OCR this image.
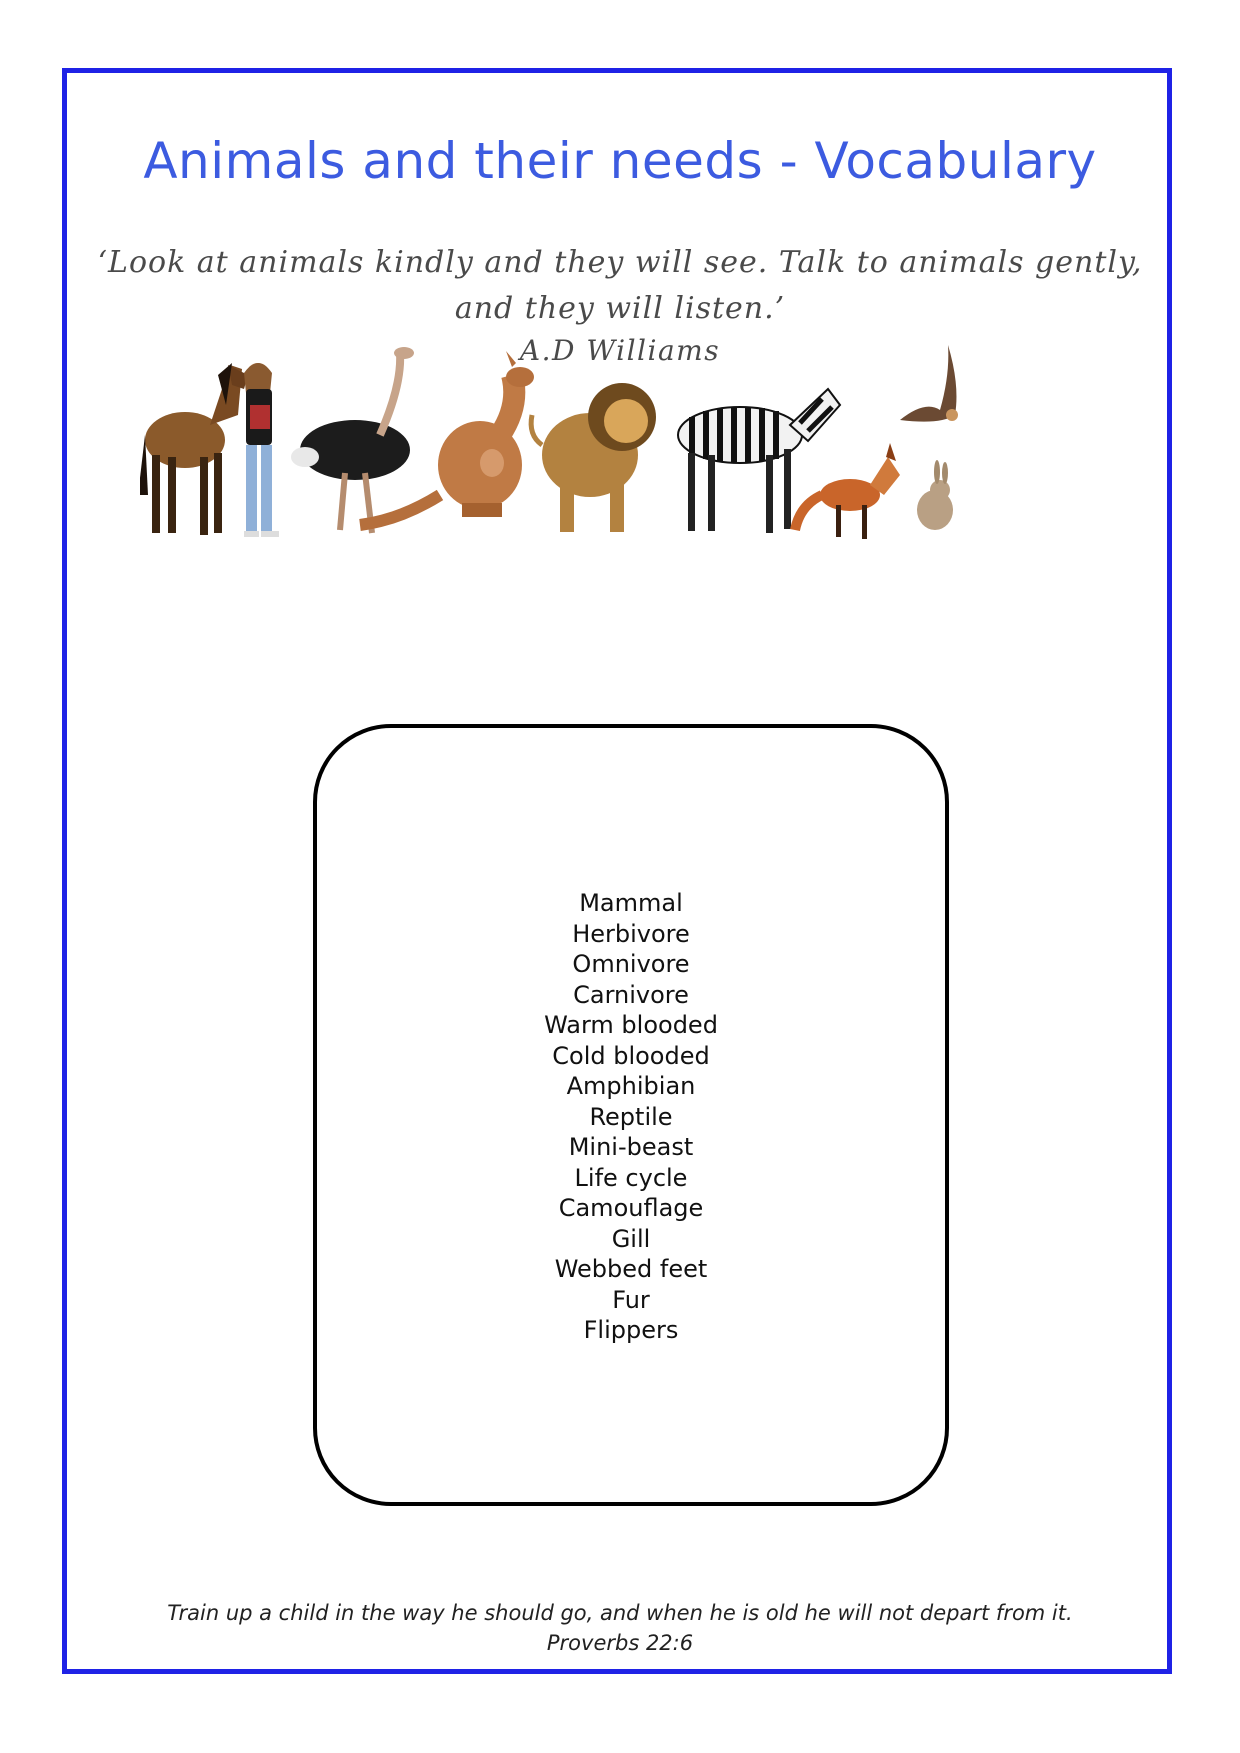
Animals and their needs - Vocabulary
‘Look at animals kindly and they will see. Talk to animals gently, and they will listen.’
A.D Williams
Mammal
Herbivore
Omnivore
Carnivore
Warm blooded
Cold blooded
Amphibian
Reptile
Mini-beast
Life cycle
Camouflage
Gill
Webbed feet
Fur
Flippers
Train up a child in the way he should go, and when he is old he will not depart from it.
Proverbs 22:6
